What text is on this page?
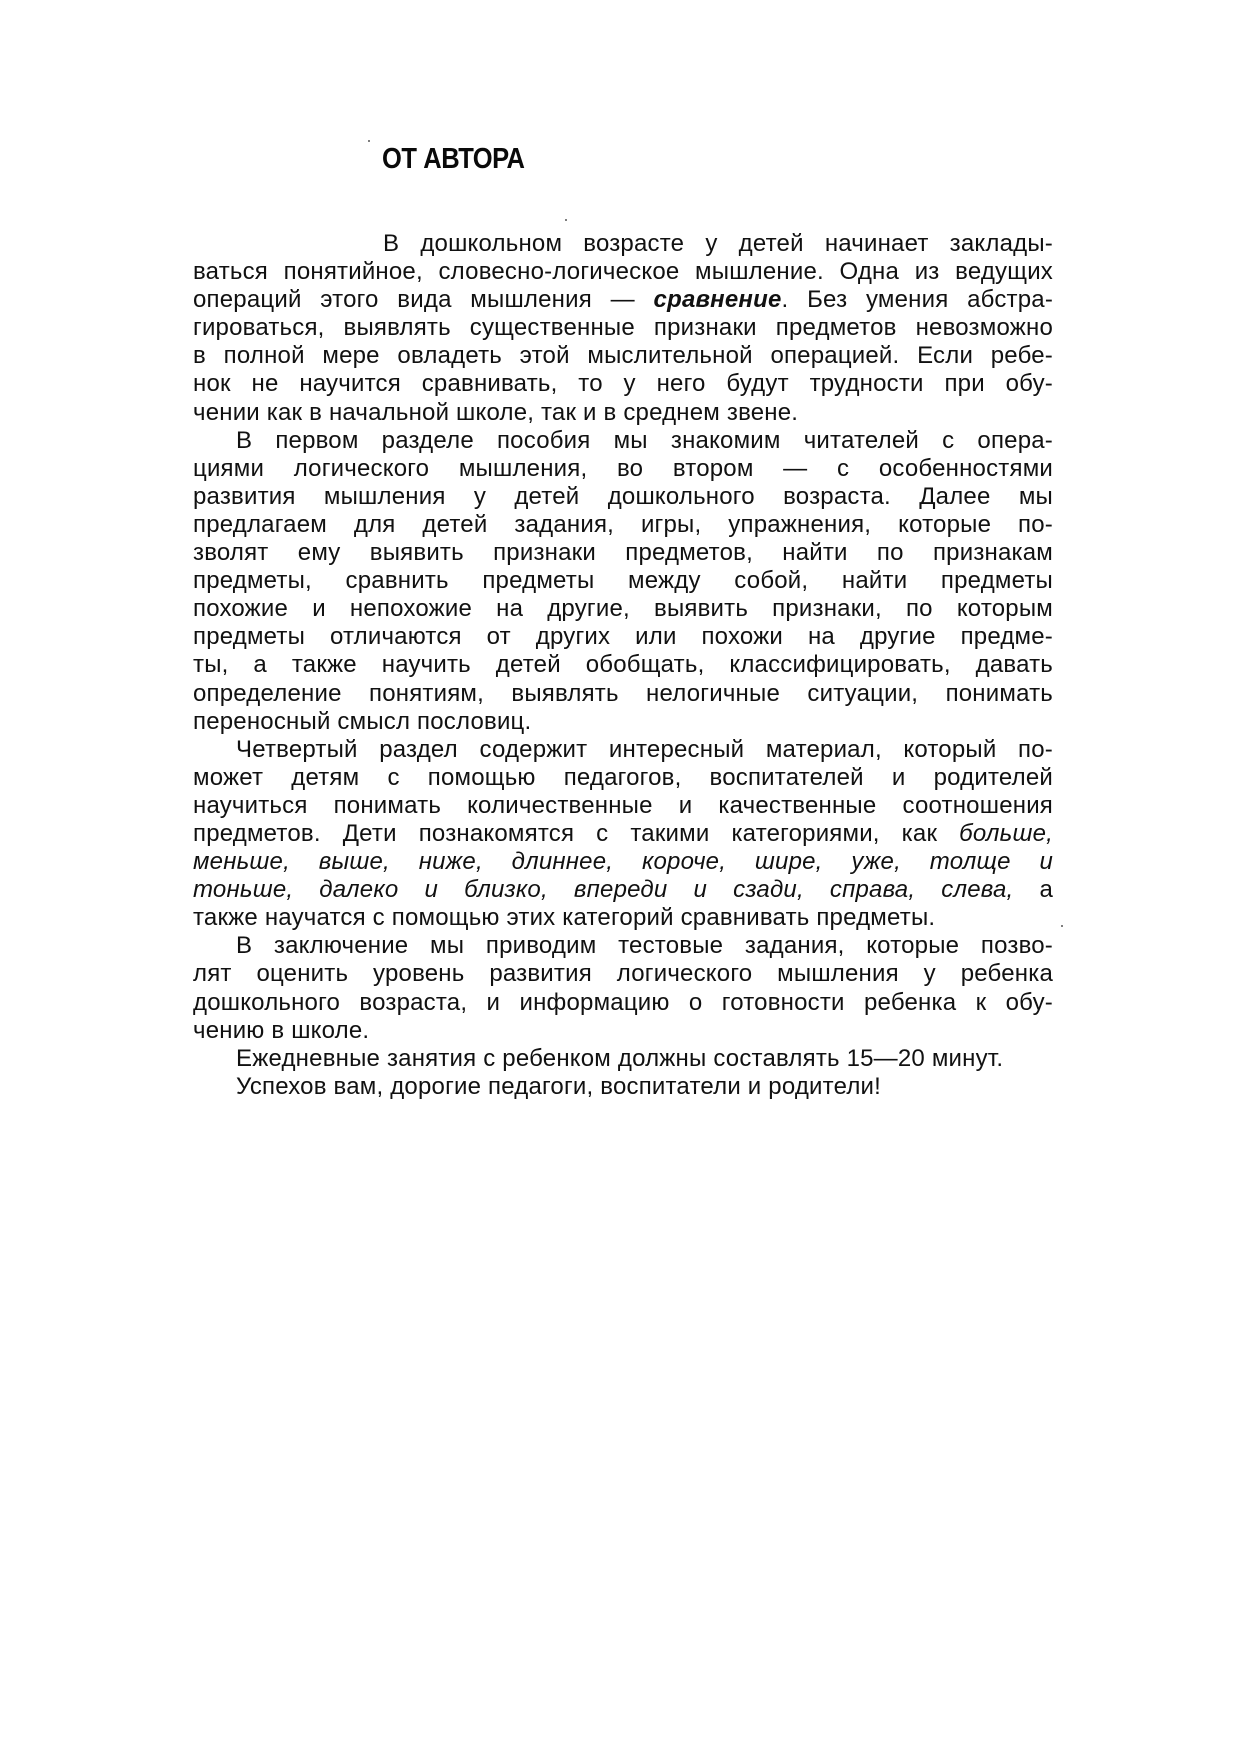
ОТ АВТОРА
В дошкольном возрасте у детей начинает заклады-
ваться понятийное, словесно-логическое мышление. Одна из ведущих
операций этого вида мышления — сравнение. Без умения абстра-
гироваться, выявлять существенные признаки предметов невозможно
в полной мере овладеть этой мыслительной операцией. Если ребе-
нок не научится сравнивать, то у него будут трудности при обу-
чении как в начальной школе, так и в среднем звене.
В первом разделе пособия мы знакомим читателей с опера-
циями логического мышления, во втором — с особенностями
развития мышления у детей дошкольного возраста. Далее мы
предлагаем для детей задания, игры, упражнения, которые по-
зволят ему выявить признаки предметов, найти по признакам
предметы, сравнить предметы между собой, найти предметы
похожие и непохожие на другие, выявить признаки, по которым
предметы отличаются от других или похожи на другие предме-
ты, а также научить детей обобщать, классифицировать, давать
определение понятиям, выявлять нелогичные ситуации, понимать
переносный смысл пословиц.
Четвертый раздел содержит интересный материал, который по-
может детям с помощью педагогов, воспитателей и родителей
научиться понимать количественные и качественные соотношения
предметов. Дети познакомятся с такими категориями, как больше,
меньше, выше, ниже, длиннее, короче, шире, уже, толще и
тоньше, далеко и близко, впереди и сзади, справа, слева, а
также научатся с помощью этих категорий сравнивать предметы.
В заключение мы приводим тестовые задания, которые позво-
лят оценить уровень развития логического мышления у ребенка
дошкольного возраста, и информацию о готовности ребенка к обу-
чению в школе.
Ежедневные занятия с ребенком должны составлять 15—20 минут.
Успехов вам, дорогие педагоги, воспитатели и родители!
